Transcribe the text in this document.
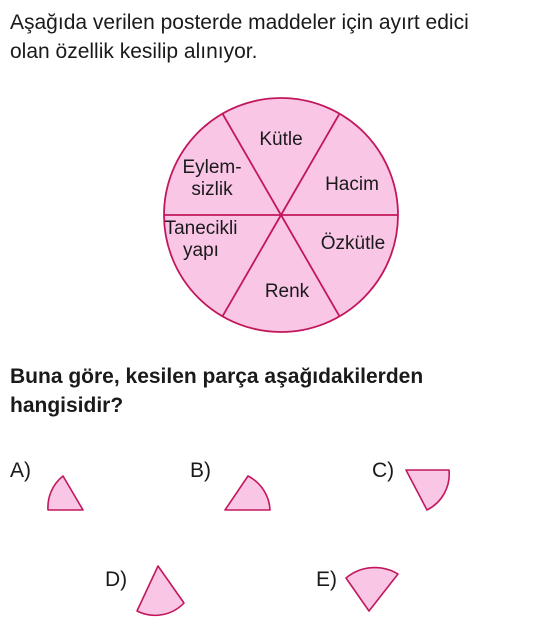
Aşağıda verilen posterde maddeler için ayırt edici
olan özellik kesilip alınıyor.

Kütle
Hacim
Özkütle
Renk
Tanecikli yapı
Eylem-sizlik

Buna göre, kesilen parça aşağıdakilerden
hangisidir?

A)	B)	C)
D)	E)
